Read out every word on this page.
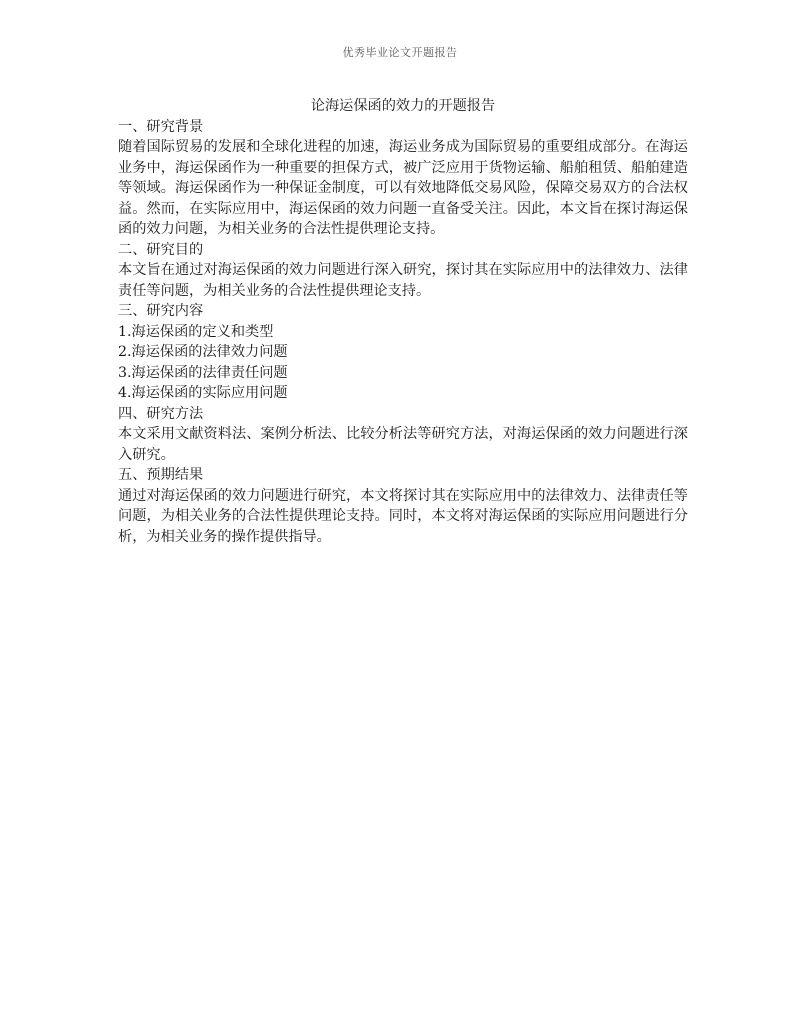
优秀毕业论文开题报告
论海运保函的效力的开题报告
一、研究背景

随着国际贸易的发展和全球化进程的加速，海运业务成为国际贸易的重要组成部分。在海运业务中，海运保函作为一种重要的担保方式，被广泛应用于货物运输、船舶租赁、船舶建造等领域。海运保函作为一种保证金制度，可以有效地降低交易风险，保障交易双方的合法权益。然而，在实际应用中，海运保函的效力问题一直备受关注。因此，本文旨在探讨海运保函的效力问题，为相关业务的合法性提供理论支持。

二、研究目的

本文旨在通过对海运保函的效力问题进行深入研究，探讨其在实际应用中的法律效力、法律责任等问题，为相关业务的合法性提供理论支持。

三、研究内容

1.海运保函的定义和类型

2.海运保函的法律效力问题

3.海运保函的法律责任问题

4.海运保函的实际应用问题

四、研究方法

本文采用文献资料法、案例分析法、比较分析法等研究方法，对海运保函的效力问题进行深入研究。

五、预期结果

通过对海运保函的效力问题进行研究，本文将探讨其在实际应用中的法律效力、法律责任等问题，为相关业务的合法性提供理论支持。同时，本文将对海运保函的实际应用问题进行分析，为相关业务的操作提供指导。
